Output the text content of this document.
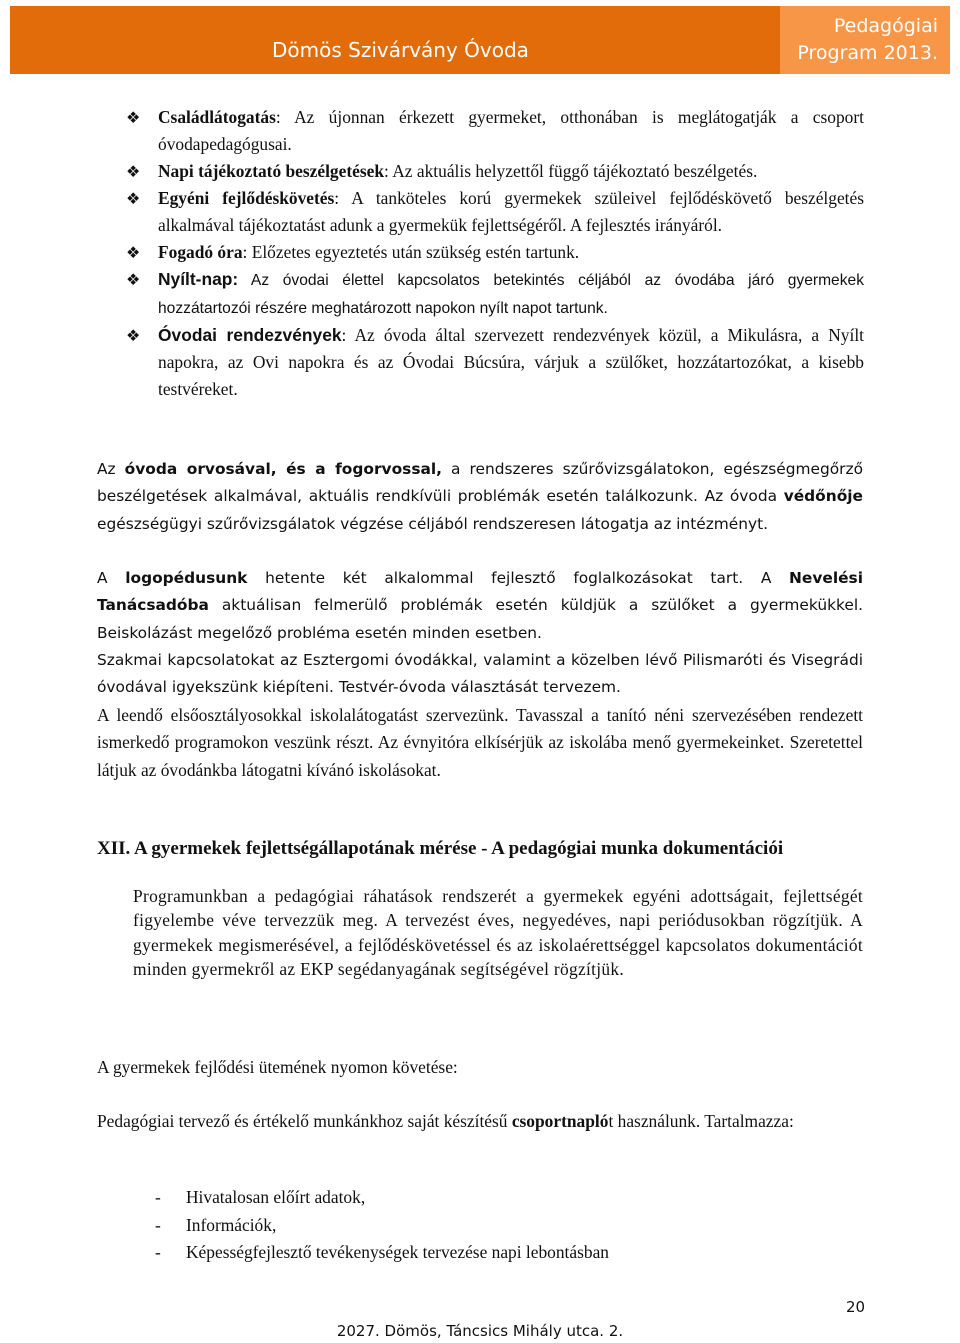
Dömös Szivárvány Óvoda
Pedagógiai
Program 2013.
❖ Családlátogatás: Az újonnan érkezett gyermeket, otthonában is meglátogatják a csoport óvodapedagógusai.
❖ Napi tájékoztató beszélgetések: Az aktuális helyzettől függő tájékoztató beszélgetés.
❖ Egyéni fejlődéskövetés: A tanköteles korú gyermekek szüleivel fejlődéskövető beszélgetés alkalmával tájékoztatást adunk a gyermekük fejlettségéről. A fejlesztés irányáról.
❖ Fogadó óra: Előzetes egyeztetés után szükség estén tartunk.
❖ Nyílt-nap: Az óvodai élettel kapcsolatos betekintés céljából az óvodába járó gyermekek hozzátartozói részére meghatározott napokon nyílt napot tartunk.
❖ Óvodai rendezvények: Az óvoda által szervezett rendezvények közül, a Mikulásra, a Nyílt napokra, az Ovi napokra és az Óvodai Búcsúra, várjuk a szülőket, hozzátartozókat, a kisebb testvéreket.
Az óvoda orvosával, és a fogorvossal, a rendszeres szűrővizsgálatokon, egészségmegőrző beszélgetések alkalmával, aktuális rendkívüli problémák esetén találkozunk. Az óvoda védőnője egészségügyi szűrővizsgálatok végzése céljából rendszeresen látogatja az intézményt.
A logopédusunk hetente két alkalommal fejlesztő foglalkozásokat tart. A Nevelési Tanácsadóba aktuálisan felmerülő problémák esetén küldjük a szülőket a gyermekükkel. Beiskolázást megelőző probléma esetén minden esetben.
Szakmai kapcsolatokat az Esztergomi óvodákkal, valamint a közelben lévő Pilismaróti és Visegrádi óvodával igyekszünk kiépíteni. Testvér-óvoda választását tervezem.
A leendő elsőosztályosokkal iskolalátogatást szervezünk. Tavasszal a tanító néni szervezésében rendezett ismerkedő programokon veszünk részt. Az évnyitóra elkísérjük az iskolába menő gyermekeinket. Szeretettel látjuk az óvodánkba látogatni kívánó iskolásokat.
XII. A gyermekek fejlettségállapotának mérése - A pedagógiai munka dokumentációi
Programunkban a pedagógiai ráhatások rendszerét a gyermekek egyéni adottságait, fejlettségét figyelembe véve tervezzük meg. A tervezést éves, negyedéves, napi periódusokban rögzítjük. A gyermekek megismerésével, a fejlődéskövetéssel és az iskolaérettséggel kapcsolatos dokumentációt minden gyermekről az EKP segédanyagának segítségével rögzítjük.
A gyermekek fejlődési ütemének nyomon követése:
Pedagógiai tervező és értékelő munkánkhoz saját készítésű csoportnaplót használunk. Tartalmazza:
- Hivatalosan előírt adatok,
- Információk,
- Képességfejlesztő tevékenységek tervezése napi lebontásban
20
2027. Dömös, Táncsics Mihály utca. 2.
